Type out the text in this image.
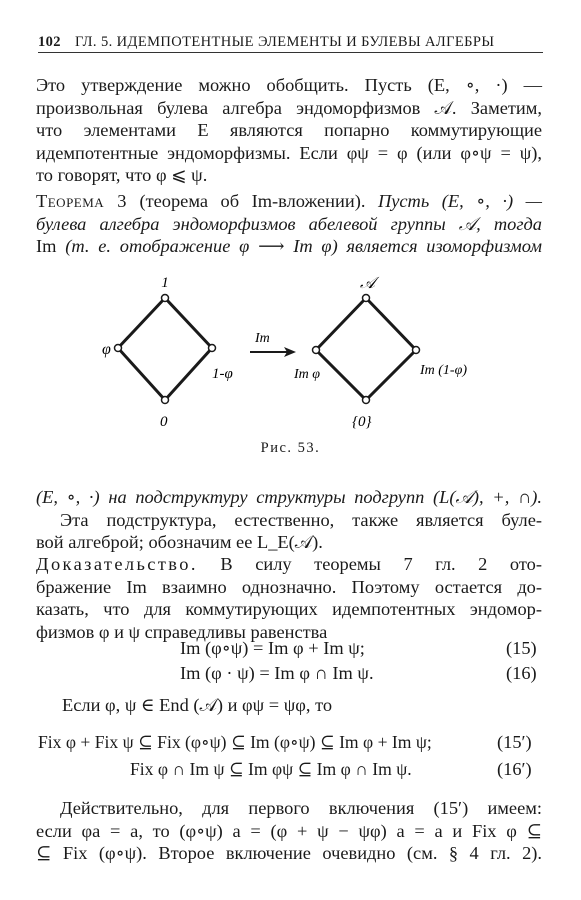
102 ГЛ. 5. ИДЕМПОТЕНТНЫЕ ЭЛЕМЕНТЫ И БУЛЕВЫ АЛГЕБРЫ
Это утверждение можно обобщить. Пусть (E, ∘, ·) —
произвольная булева алгебра эндоморфизмов 𝒜. Заметим,
что элементами E являются попарно коммутирующие
идемпотентные эндоморфизмы. Если φψ = φ (или φ∘ψ = ψ),
то говорят, что φ ⩽ ψ.
Теорема 3 (теорема об Im-вложении). Пусть (E, ∘, ·) —
булева алгебра эндоморфизмов абелевой группы 𝒜, тогда
Im (т. е. отображение φ ⟶ Im φ) является изоморфизмом
1
φ
1-φ
0
Im
𝒜
Im φ	Im (1-φ)
{0}
Рис. 53.
(E, ∘, ·) на подструктуру структуры подгрупп (L(𝒜), +, ∩).
Эта подструктура, естественно, также является буле-
вой алгеброй; обозначим ее L_E(𝒜).
Доказательство. В силу теоремы 7 гл. 2 ото-
бражение Im взаимно однозначно. Поэтому остается до-
казать, что для коммутирующих идемпотентных эндомор-
физмов φ и ψ справедливы равенства
Im (φ∘ψ) = Im φ + Im ψ;	(15)
Im (φ · ψ) = Im φ ∩ Im ψ.	(16)
Если φ, ψ ∈ End (𝒜) и φψ = ψφ, то
Fix φ + Fix ψ ⊆ Fix (φ∘ψ) ⊆ Im (φ∘ψ) ⊆ Im φ + Im ψ;	(15′)
Fix φ ∩ Im ψ ⊆ Im φψ ⊆ Im φ ∩ Im ψ.	(16′)
Действительно, для первого включения (15′) имеем:
если φa = a, то (φ∘ψ) a = (φ + ψ − ψφ) a = a и Fix φ ⊆
⊆ Fix (φ∘ψ). Второе включение очевидно (см. § 4 гл. 2).
